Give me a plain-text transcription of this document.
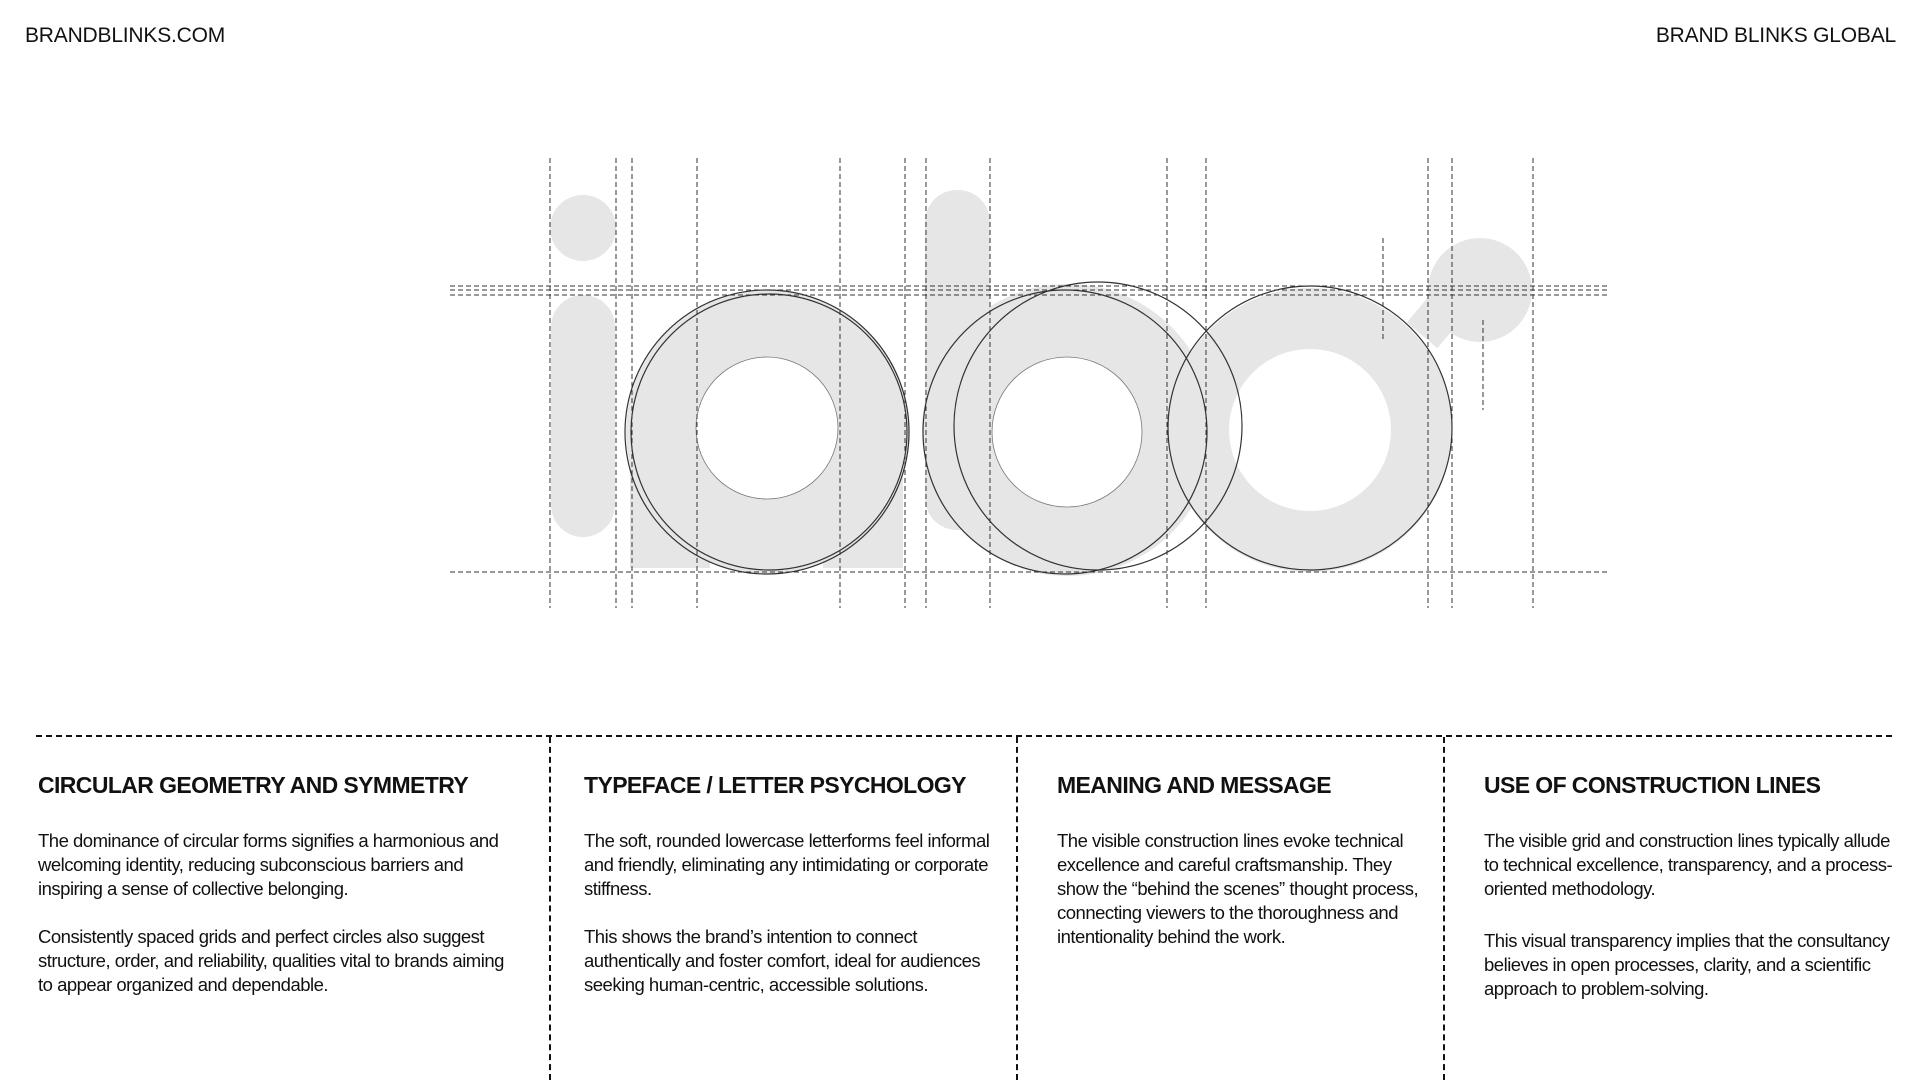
BRANDBLINKS.COM	BRAND BLINKS GLOBAL
CIRCULAR GEOMETRY AND SYMMETRY

The dominance of circular forms signifies a harmonious and welcoming identity, reducing subconscious barriers and inspiring a sense of collective belonging.

Consistently spaced grids and perfect circles also suggest structure, order, and reliability, qualities vital to brands aiming to appear organized and dependable.

TYPEFACE / LETTER PSYCHOLOGY

The soft, rounded lowercase letterforms feel informal and friendly, eliminating any intimidating or corporate stiffness.

This shows the brand’s intention to connect authentically and foster comfort, ideal for audiences seeking human-centric, accessible solutions.

MEANING AND MESSAGE

The visible construction lines evoke technical excellence and careful craftsmanship. They show the “behind the scenes” thought process, connecting viewers to the thoroughness and intentionality behind the work.

USE OF CONSTRUCTION LINES

The visible grid and construction lines typically allude to technical excellence, transparency, and a process-oriented methodology.

This visual transparency implies that the consultancy believes in open processes, clarity, and a scientific approach to problem-solving.
